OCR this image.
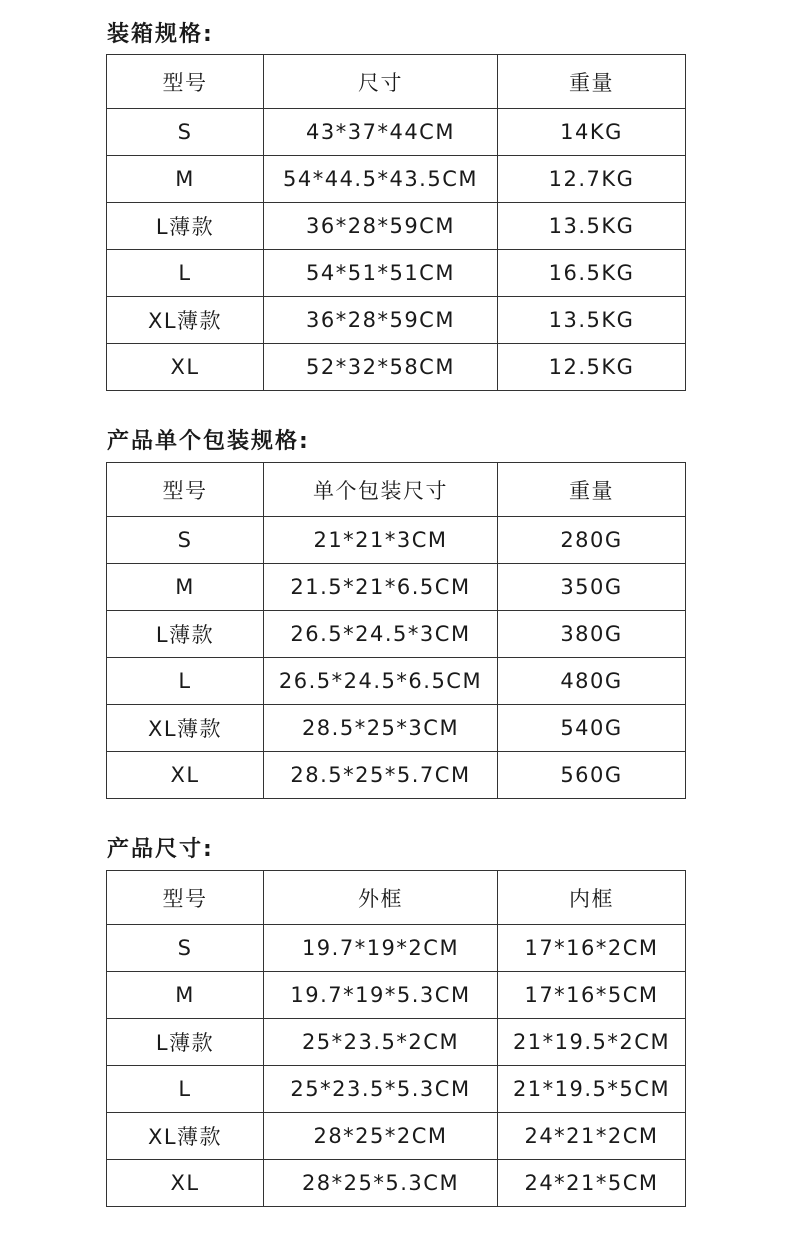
装箱规格:
型号	尺寸	重量
S	43*37*44CM	14KG
M	54*44.5*43.5CM	12.7KG
L薄款	36*28*59CM	13.5KG
L	54*51*51CM	16.5KG
XL薄款	36*28*59CM	13.5KG
XL	52*32*58CM	12.5KG
产品单个包装规格:
型号	单个包装尺寸	重量
S	21*21*3CM	280G
M	21.5*21*6.5CM	350G
L薄款	26.5*24.5*3CM	380G
L	26.5*24.5*6.5CM	480G
XL薄款	28.5*25*3CM	540G
XL	28.5*25*5.7CM	560G
产品尺寸:
型号	外框	内框
S	19.7*19*2CM	17*16*2CM
M	19.7*19*5.3CM	17*16*5CM
L薄款	25*23.5*2CM	21*19.5*2CM
L	25*23.5*5.3CM	21*19.5*5CM
XL薄款	28*25*2CM	24*21*2CM
XL	28*25*5.3CM	24*21*5CM
